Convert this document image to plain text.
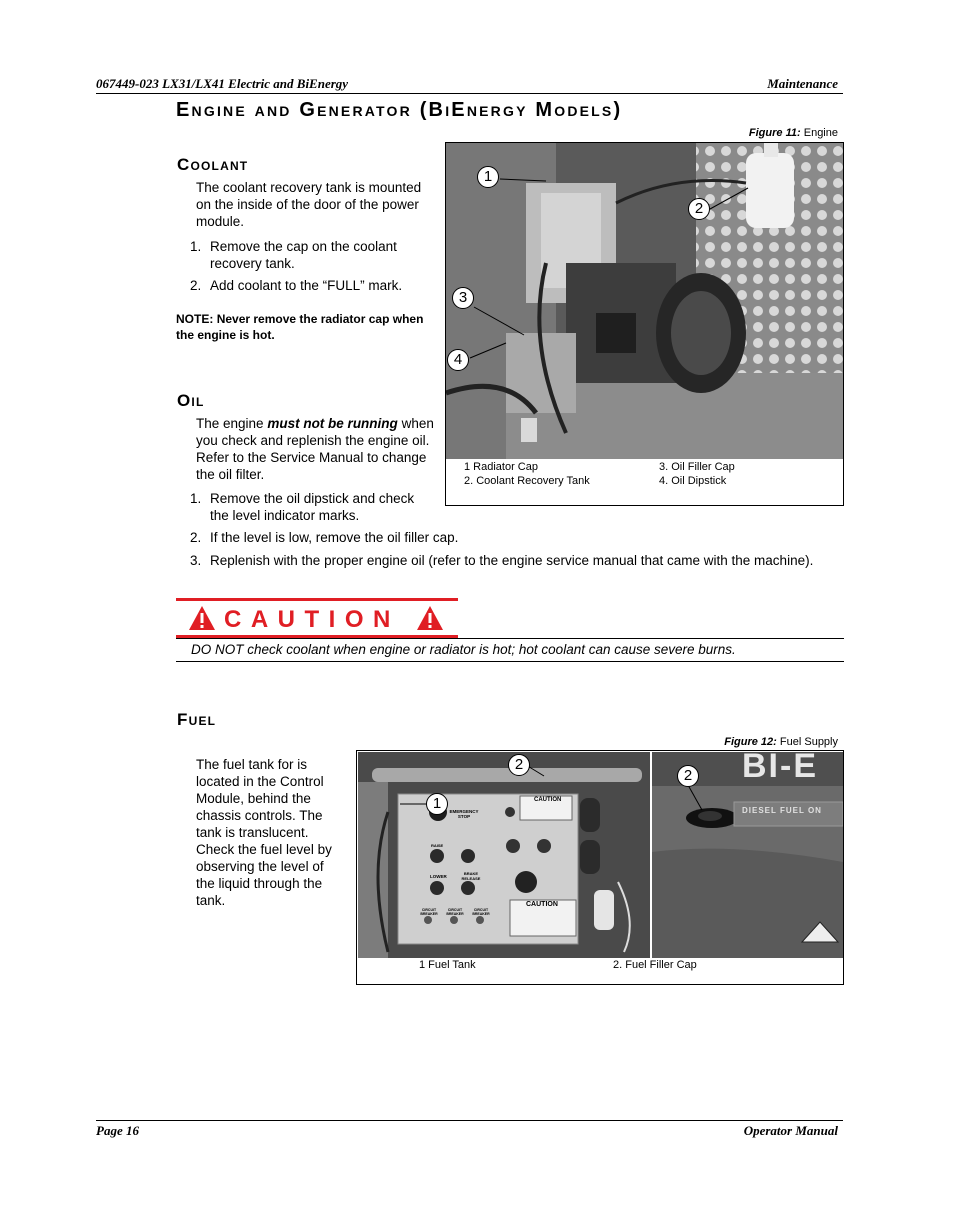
067449-023 LX31/LX41 Electric and BiEnergy	Maintenance
Engine and Generator (BiEnergy Models)
Figure 11: Engine
Coolant
The coolant recovery tank is mounted on the inside of the door of the power module.
1. Remove the cap on the coolant recovery tank.
2. Add coolant to the “FULL” mark.
NOTE: Never remove the radiator cap when the engine is hot.
1
2
3
4
1 Radiator Cap
2. Coolant Recovery Tank
3. Oil Filler Cap
4. Oil Dipstick
Oil
The engine must not be running when you check and replenish the engine oil. Refer to the Service Manual to change the oil filter.
1. Remove the oil dipstick and check the level indicator marks.
2. If the level is low, remove the oil filler cap.
3. Replenish with the proper engine oil (refer to the engine service manual that came with the machine).
CAUTION
DO NOT check coolant when engine or radiator is hot; hot coolant can cause severe burns.
Fuel
The fuel tank for is located in the Control Module, behind the chassis controls. The tank is translucent. Check the fuel level by observing the level of the liquid through the tank.
Figure 12: Fuel Supply
EMERGENCY STOP
RAISE
LOWER
BRAKE RELEASE
CIRCUIT BREAKER
CIRCUIT BREAKER
CIRCUIT BREAKER
CAUTION
CAUTION
BI-E
DIESEL FUEL ON
2
1
2
1 Fuel Tank	2. Fuel Filler Cap
Page 16	Operator Manual
